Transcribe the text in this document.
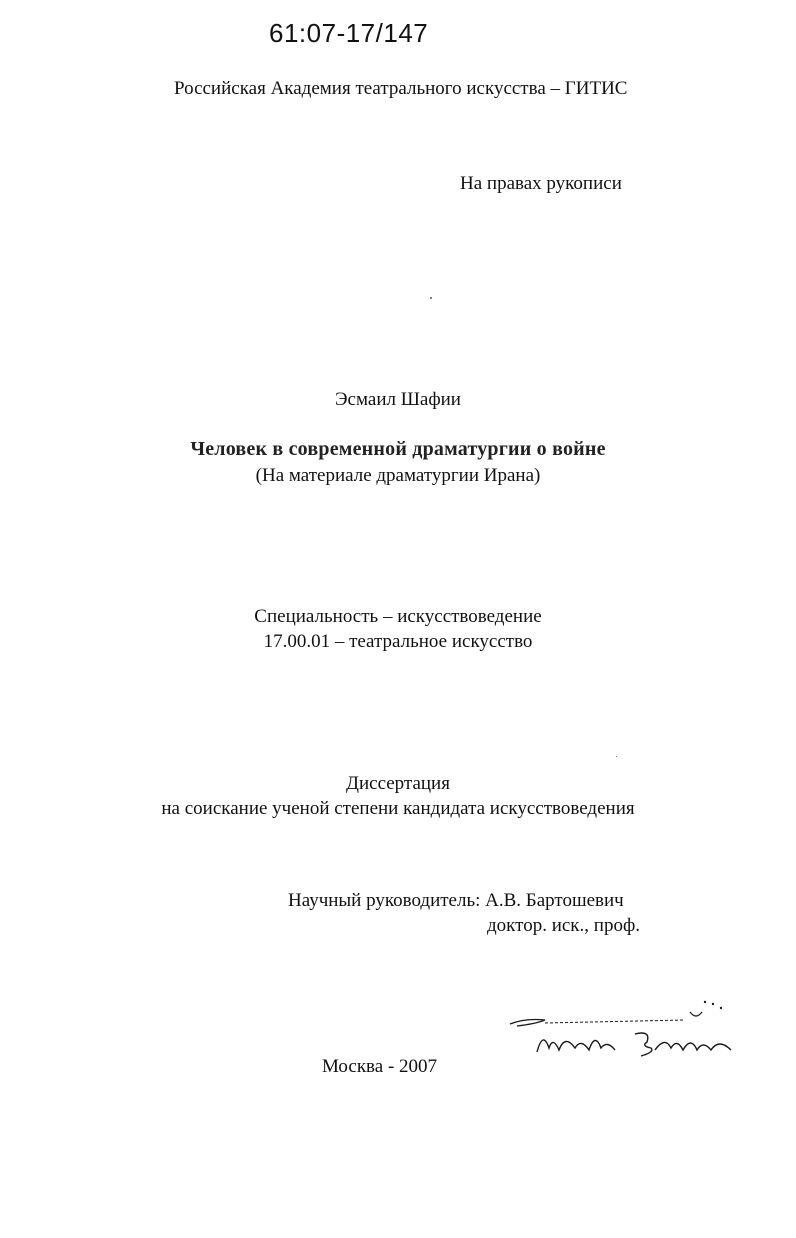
61:07-17/147
Российская Академия театрального искусства – ГИТИС
На правах рукописи
Эсмаил Шафии
Человек в современной драматургии о войне
(На материале драматургии Ирана)
Специальность – искусствоведение
17.00.01 – театральное искусство
Диссертация
на соискание ученой степени кандидата искусствоведения
Научный руководитель: А.В. Бартошевич
доктор. иск., проф.
Москва - 2007
